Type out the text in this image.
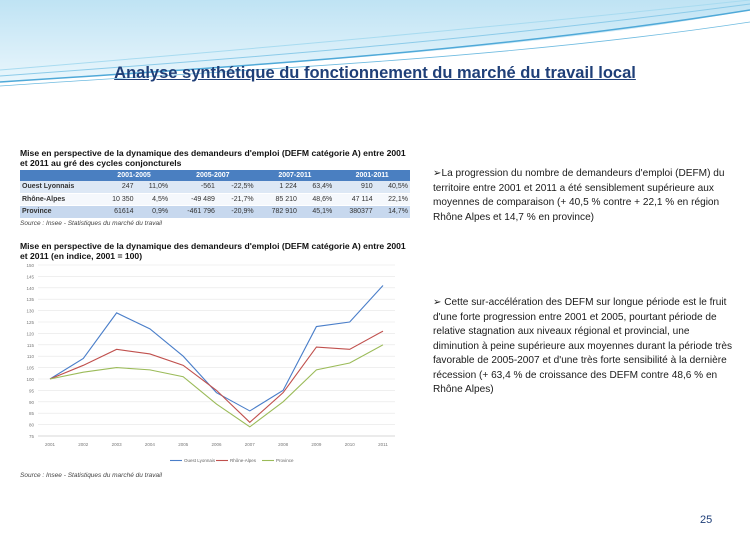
Analyse synthétique du fonctionnement du marché du travail local
Mise en perspective de la dynamique des demandeurs d'emploi (DEFM catégorie A) entre 2001 et 2011 au gré des cycles conjoncturels
	2001-2005		2005-2007		2007-2011		2001-2011	
Ouest Lyonnais	247	11,0%	-561	-22,5%	1 224	63,4%	910	40,5%
Rhône-Alpes	10 350	4,5%	-49 489	-21,7%	85 210	48,6%	47 114	22,1%
Province	61614	0,9%	-461 796	-20,9%	782 910	45,1%	380377	14,7%
Source : Insee - Statistiques du marché du travail
Mise en perspective de la dynamique des demandeurs d'emploi (DEFM catégorie A) entre 2001 et 2011 (en indice, 2001 = 100)
75
80
85
90
95
100
105
110
115
120
125
130
135
140
145
150
2001	2002	2003	2004	2005	2006	2007	2008	2009	2010	2011
Ouest Lyonnais	Rhône-Alpes	Province
Source : Insee - Statistiques du marché du travail
➢La progression du nombre de demandeurs d'emploi (DEFM) du territoire entre 2001 et 2011 a été sensiblement supérieure aux moyennes de comparaison (+ 40,5 % contre + 22,1 % en région Rhône Alpes et 14,7 % en province)
➢ Cette sur-accélération des DEFM sur longue période est le fruit d'une forte progression entre 2001 et 2005, pourtant période de relative stagnation aux niveaux régional et provincial, une diminution à peine supérieure aux moyennes durant la période très favorable de 2005-2007 et d'une très forte sensibilité à la dernière récession (+ 63,4 % de croissance des DEFM contre 48,6 % en Rhône Alpes)
25
